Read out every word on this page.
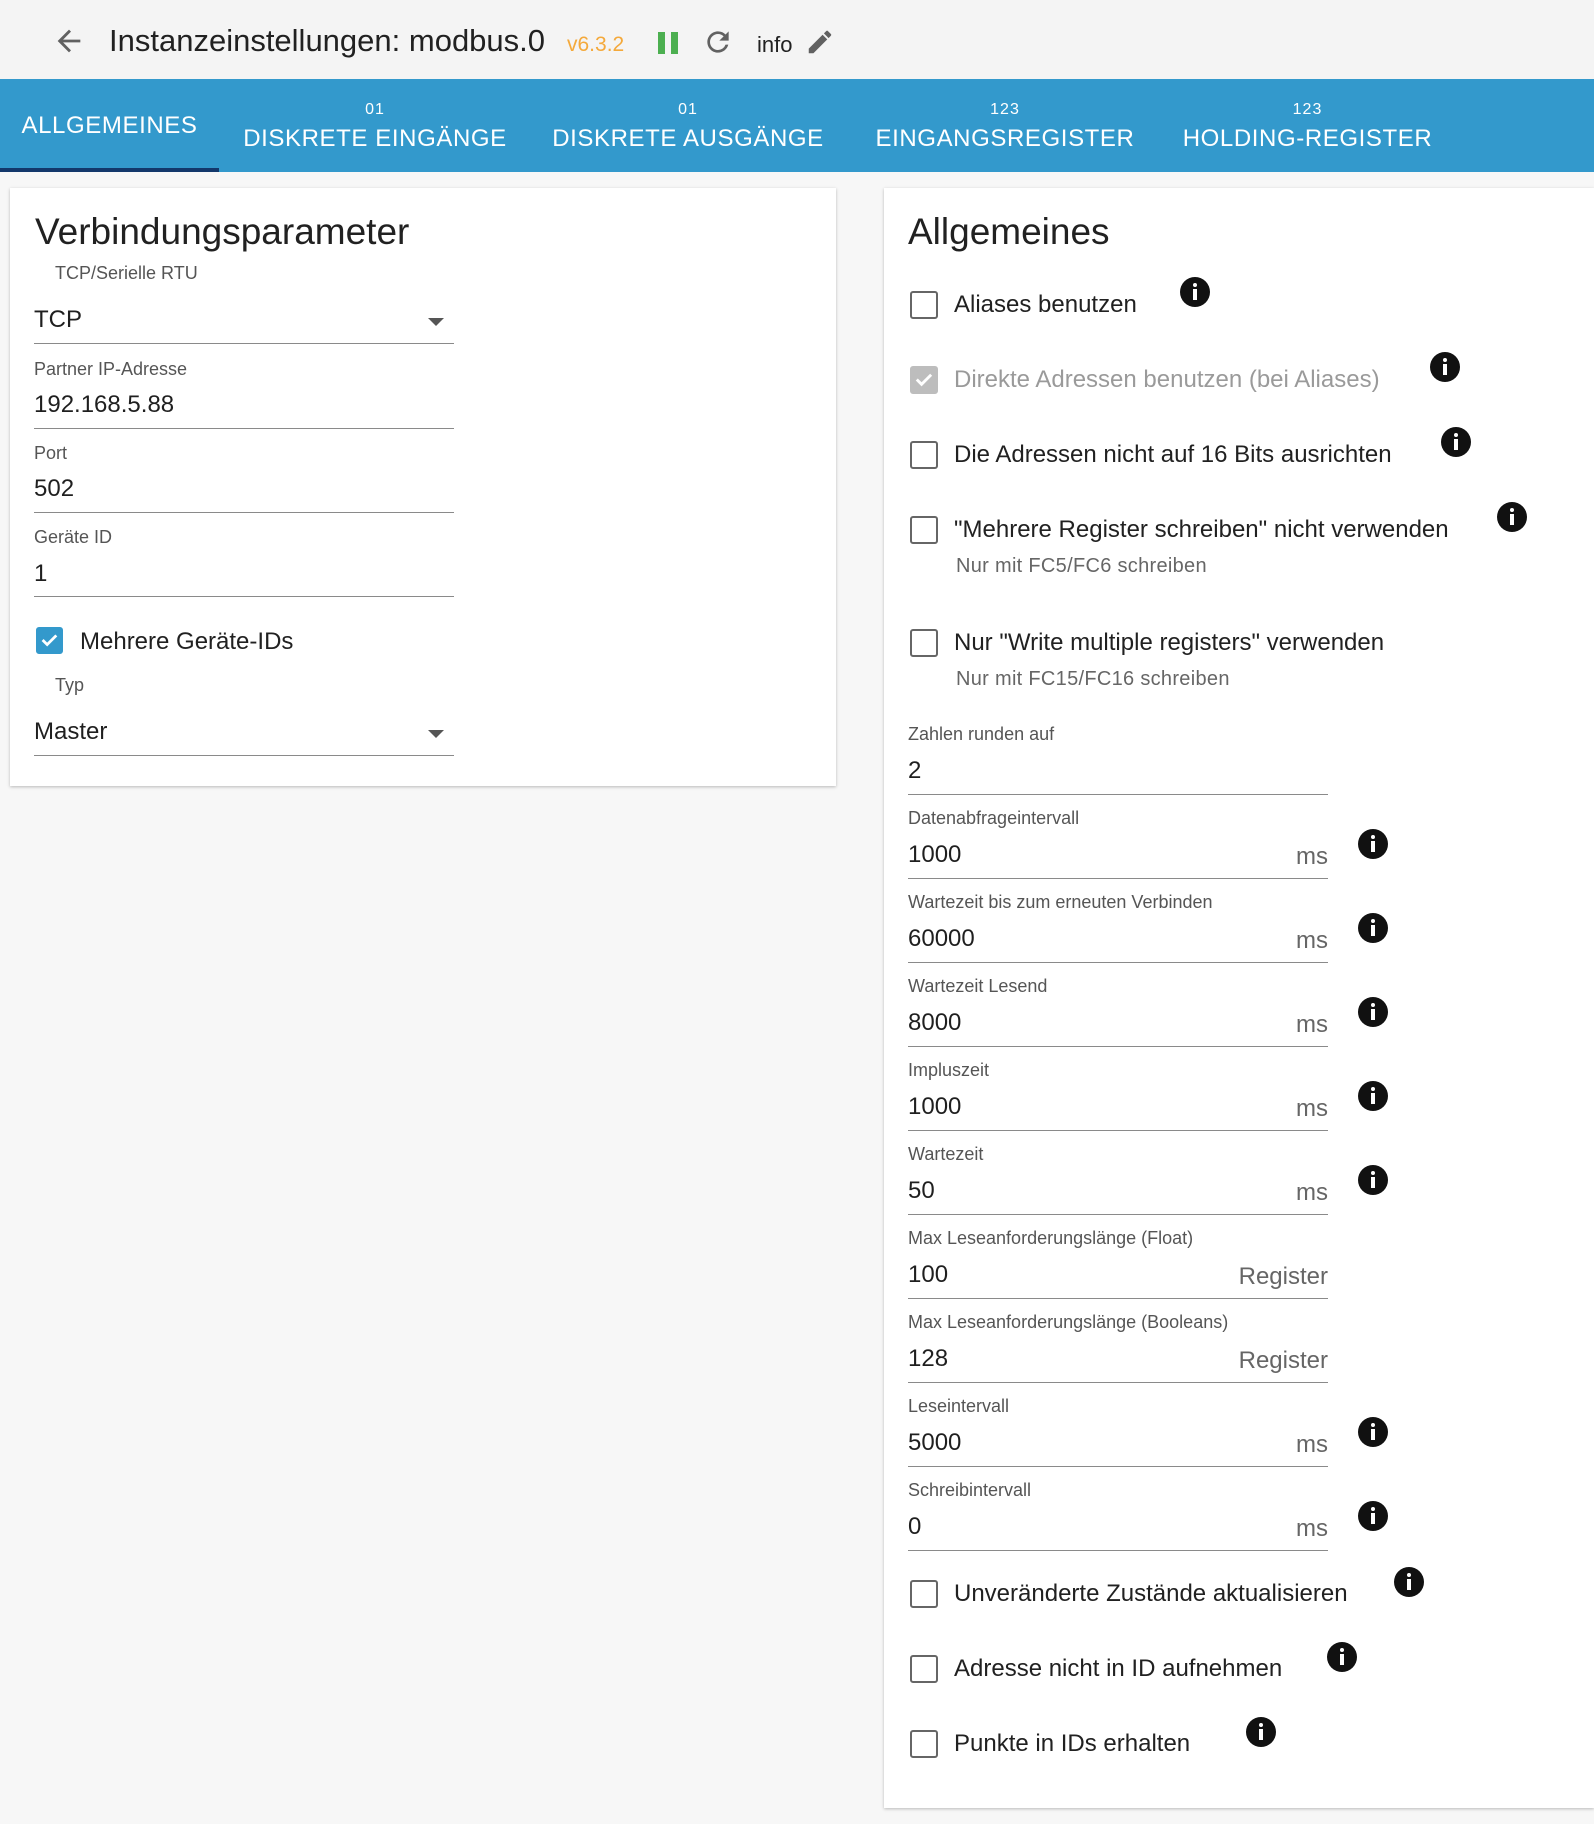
Instanzeinstellungen: modbus.0 v6.3.2	info
ALLGEMEINES
01
DISKRETE EINGÄNGE
01
DISKRETE AUSGÄNGE
123
EINGANGSREGISTER
123
HOLDING-REGISTER
Verbindungsparameter
TCP/Serielle RTU
TCP
Partner IP-Adresse
192.168.5.88
Port
502
Geräte ID
1
Mehrere Geräte-IDs
Typ
Master
Allgemeines
Aliases benutzen
Direkte Adressen benutzen (bei Aliases)
Die Adressen nicht auf 16 Bits ausrichten
"Mehrere Register schreiben" nicht verwenden
Nur mit FC5/FC6 schreiben
Nur "Write multiple registers" verwenden
Nur mit FC15/FC16 schreiben
Zahlen runden auf
2
Datenabfrageintervall
1000	ms
Wartezeit bis zum erneuten Verbinden
60000	ms
Wartezeit Lesend
8000	ms
Impluszeit
1000	ms
Wartezeit
50	ms
Max Leseanforderungslänge (Float)
100	Register
Max Leseanforderungslänge (Booleans)
128	Register
Leseintervall
5000	ms
Schreibintervall
0	ms
Unveränderte Zustände aktualisieren
Adresse nicht in ID aufnehmen
Punkte in IDs erhalten
